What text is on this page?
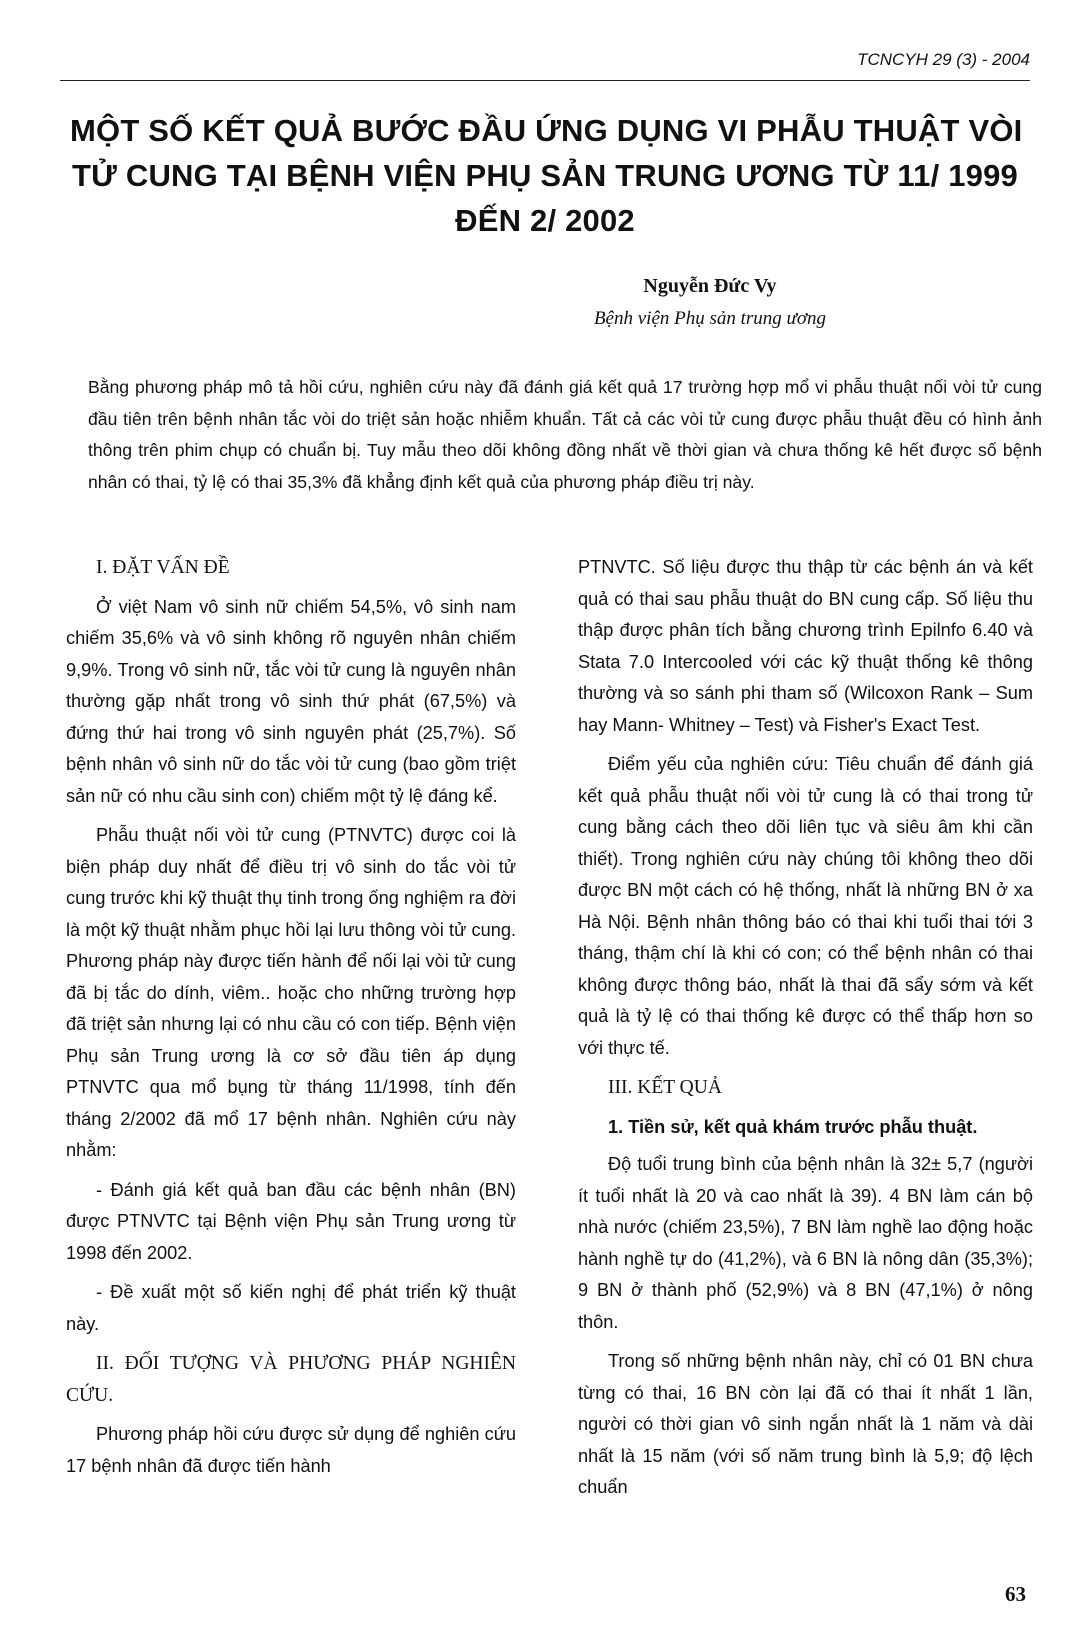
TCNCYH 29 (3) - 2004
MỘT SỐ KẾT QUẢ BƯỚC ĐẦU ỨNG DỤNG VI PHẪU THUẬT VÒI
TỬ CUNG TẠI BỆNH VIỆN PHỤ SẢN TRUNG ƯƠNG TỪ 11/ 1999
ĐẾN 2/ 2002
Nguyễn Đức Vy
Bệnh viện Phụ sản trung ương
Bằng phương pháp mô tả hồi cứu, nghiên cứu này đã đánh giá kết quả 17 trường hợp mổ vi phẫu thuật nối vòi tử cung đầu tiên trên bệnh nhân tắc vòi do triệt sản hoặc nhiễm khuẩn. Tất cả các vòi tử cung được phẫu thuật đều có hình ảnh thông trên phim chụp có chuẩn bị. Tuy mẫu theo dõi không đồng nhất về thời gian và chưa thống kê hết được số bệnh nhân có thai, tỷ lệ có thai 35,3% đã khẳng định kết quả của phương pháp điều trị này.
I. ĐẶT VẤN ĐỀ

Ở việt Nam vô sinh nữ chiếm 54,5%, vô sinh nam chiếm 35,6% và vô sinh không rõ nguyên nhân chiếm 9,9%. Trong vô sinh nữ, tắc vòi tử cung là nguyên nhân thường gặp nhất trong vô sinh thứ phát (67,5%) và đứng thứ hai trong vô sinh nguyên phát (25,7%). Số bệnh nhân vô sinh nữ do tắc vòi tử cung (bao gồm triệt sản nữ có nhu cầu sinh con) chiếm một tỷ lệ đáng kể.

Phẫu thuật nối vòi tử cung (PTNVTC) được coi là biện pháp duy nhất để điều trị vô sinh do tắc vòi tử cung trước khi kỹ thuật thụ tinh trong ống nghiệm ra đời là một kỹ thuật nhằm phục hồi lại lưu thông vòi tử cung. Phương pháp này được tiến hành để nối lại vòi tử cung đã bị tắc do dính, viêm.. hoặc cho những trường hợp đã triệt sản nhưng lại có nhu cầu có con tiếp. Bệnh viện Phụ sản Trung ương là cơ sở đầu tiên áp dụng PTNVTC qua mổ bụng từ tháng 11/1998, tính đến tháng 2/2002 đã mổ 17 bệnh nhân. Nghiên cứu này nhằm:

- Đánh giá kết quả ban đầu các bệnh nhân (BN) được PTNVTC tại Bệnh viện Phụ sản Trung ương từ 1998 đến 2002.

- Đề xuất một số kiến nghị để phát triển kỹ thuật này.

II. ĐỐI TƯỢNG VÀ PHƯƠNG PHÁP NGHIÊN CỨU.

Phương pháp hồi cứu được sử dụng để nghiên cứu 17 bệnh nhân đã được tiến hành

PTNVTC. Số liệu được thu thập từ các bệnh án và kết quả có thai sau phẫu thuật do BN cung cấp. Số liệu thu thập được phân tích bằng chương trình Epilnfo 6.40 và Stata 7.0 Intercooled với các kỹ thuật thống kê thông thường và so sánh phi tham số (Wilcoxon Rank – Sum hay Mann- Whitney – Test) và Fisher's Exact Test.

Điểm yếu của nghiên cứu: Tiêu chuẩn để đánh giá kết quả phẫu thuật nối vòi tử cung là có thai trong tử cung bằng cách theo dõi liên tục và siêu âm khi cần thiết). Trong nghiên cứu này chúng tôi không theo dõi được BN một cách có hệ thống, nhất là những BN ở xa Hà Nội. Bệnh nhân thông báo có thai khi tuổi thai tới 3 tháng, thậm chí là khi có con; có thể bệnh nhân có thai không được thông báo, nhất là thai đã sẩy sớm và kết quả là tỷ lệ có thai thống kê được có thể thấp hơn so với thực tế.

III. KẾT QUẢ
1. Tiền sử, kết quả khám trước phẫu thuật.

Độ tuổi trung bình của bệnh nhân là 32± 5,7 (người ít tuổi nhất là 20 và cao nhất là 39). 4 BN làm cán bộ nhà nước (chiếm 23,5%), 7 BN làm nghề lao động hoặc hành nghề tự do (41,2%), và 6 BN là nông dân (35,3%); 9 BN ở thành phố (52,9%) và 8 BN (47,1%) ở nông thôn.

Trong số những bệnh nhân này, chỉ có 01 BN chưa từng có thai, 16 BN còn lại đã có thai ít nhất 1 lần, người có thời gian vô sinh ngắn nhất là 1 năm và dài nhất là 15 năm (với số năm trung bình là 5,9; độ lệch chuẩn

63
